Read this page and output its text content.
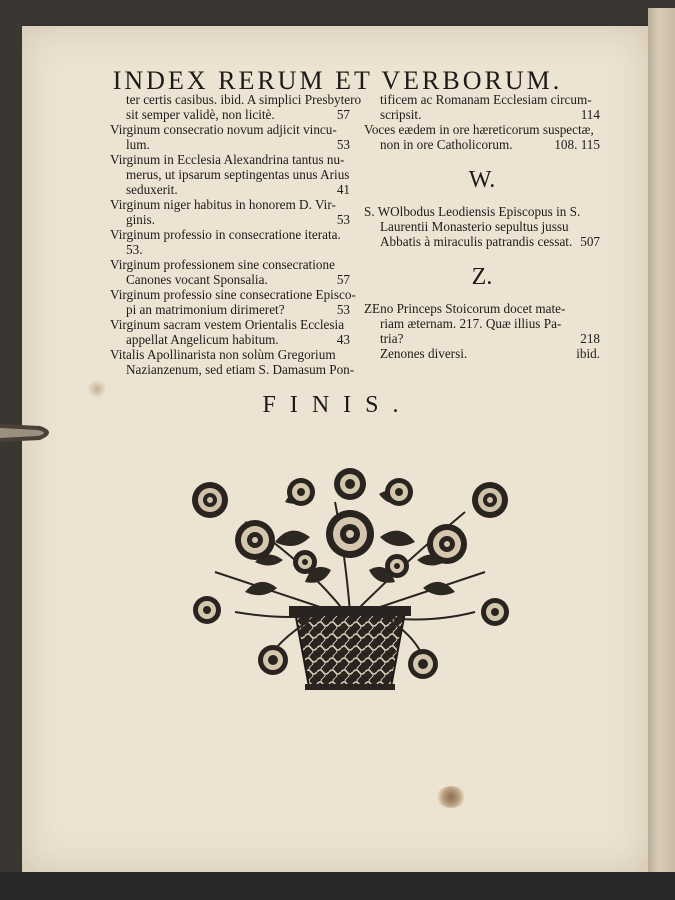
INDEX RERUM ET VERBORUM.
ter certis casibus. ibid. A simplici Presbytero
sit semper validè, non licitè.	57
Virginum consecratio novum adjicit vincu-
lum.	53
Virginum in Ecclesia Alexandrina tantus nu-
merus, ut ipsarum septingentas unus Arius
seduxerit.	41
Virginum niger habitus in honorem D. Vir-
ginis.	53
Virginum professio in consecratione iterata.
53.
Virginum professionem sine consecratione
Canones vocant Sponsalia.	57
Virginum professio sine consecratione Episco-
pi an matrimonium dirimeret?	53
Virginum sacram vestem Orientalis Ecclesia
appellat Angelicum habitum.	43
Vitalis Apollinarista non solùm Gregorium
Nazianzenum, sed etiam S. Damasum Pon-
tificem ac Romanam Ecclesiam circum-
scripsit.	114
Voces eædem in ore hæreticorum suspectæ,
non in ore Catholicorum.	108. 115
W.
S. WOlbodus Leodiensis Episcopus in S.
Laurentii Monasterio sepultus jussu
Abbatis à miraculis patrandis cessat. 507
Z.
ZEno Princeps Stoicorum docet mate-
riam æternam. 217. Quæ illius Pa-
tria?	218
Zenones diversi.	ibid.
FINIS.
